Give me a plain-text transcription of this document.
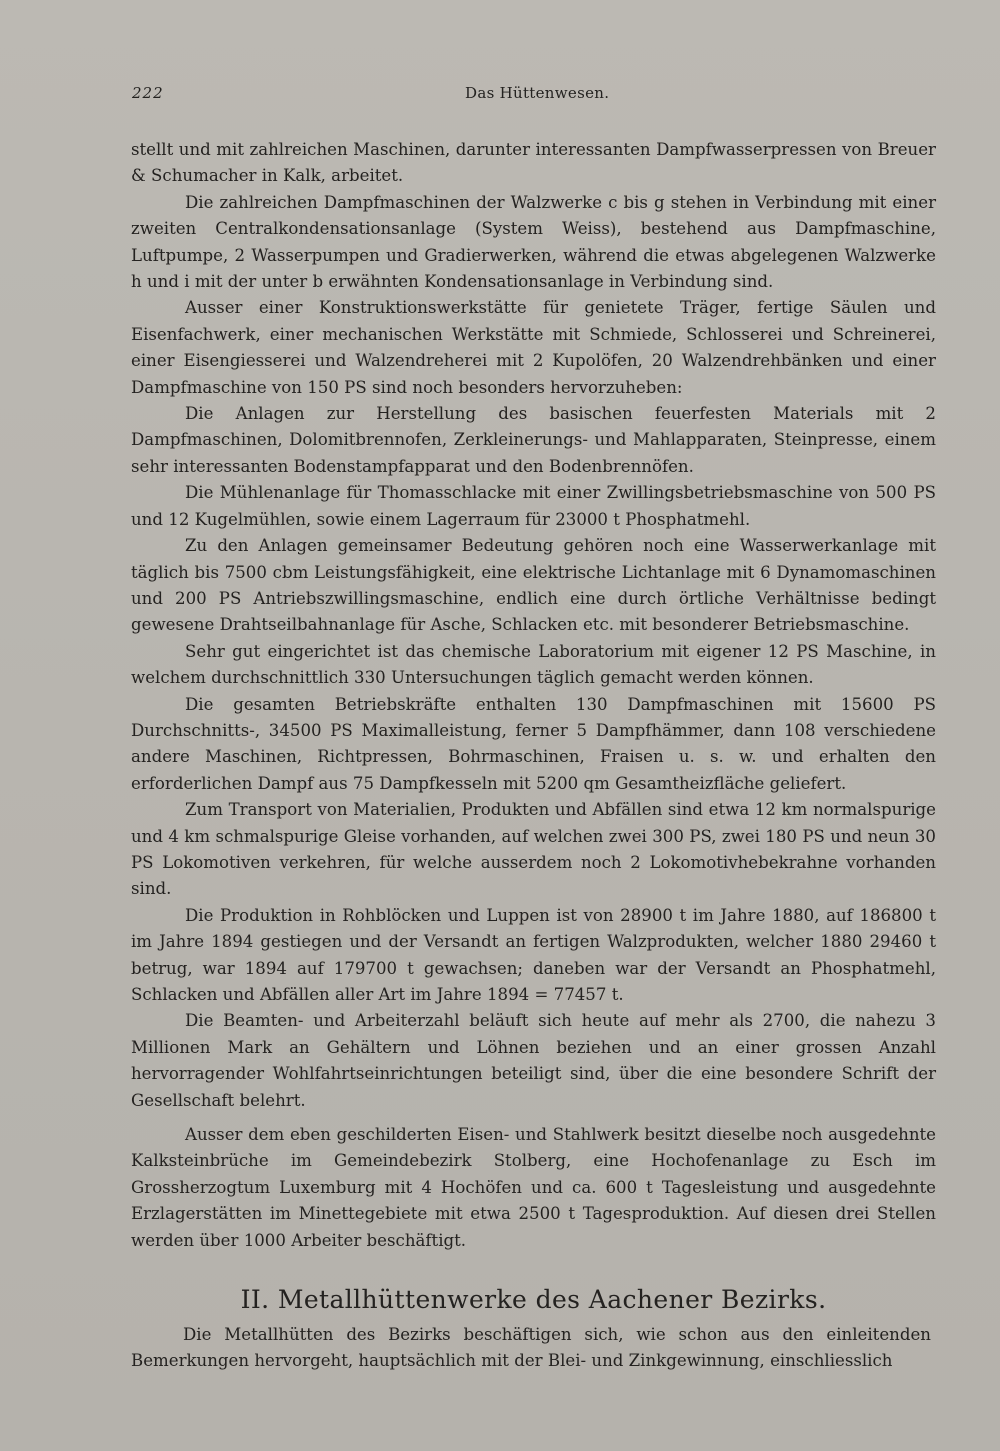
222	Das Hüttenwesen.

stellt und mit zahlreichen Maschinen, darunter interessanten Dampfwasserpressen von Breuer & Schumacher in Kalk, arbeitet.

Die zahlreichen Dampfmaschinen der Walzwerke c bis g stehen in Verbindung mit einer zweiten Centralkondensationsanlage (System Weiss), bestehend aus Dampfmaschine, Luftpumpe, 2 Wasserpumpen und Gradierwerken, während die etwas abgelegenen Walzwerke h und i mit der unter b erwähnten Kondensationsanlage in Verbindung sind.

Ausser einer Konstruktionswerkstätte für genietete Träger, fertige Säulen und Eisenfachwerk, einer mechanischen Werkstätte mit Schmiede, Schlosserei und Schreinerei, einer Eisengiesserei und Walzendreherei mit 2 Kupolöfen, 20 Walzendrehbänken und einer Dampfmaschine von 150 PS sind noch besonders hervorzuheben:

Die Anlagen zur Herstellung des basischen feuerfesten Materials mit 2 Dampfmaschinen, Dolomitbrennofen, Zerkleinerungs- und Mahlapparaten, Steinpresse, einem sehr interessanten Bodenstampfapparat und den Bodenbrennöfen.

Die Mühlenanlage für Thomasschlacke mit einer Zwillingsbetriebsmaschine von 500 PS und 12 Kugelmühlen, sowie einem Lagerraum für 23000 t Phosphatmehl.

Zu den Anlagen gemeinsamer Bedeutung gehören noch eine Wasserwerkanlage mit täglich bis 7500 cbm Leistungsfähigkeit, eine elektrische Lichtanlage mit 6 Dynamomaschinen und 200 PS Antriebszwillingsmaschine, endlich eine durch örtliche Verhältnisse bedingt gewesene Drahtseilbahnanlage für Asche, Schlacken etc. mit besonderer Betriebsmaschine.

Sehr gut eingerichtet ist das chemische Laboratorium mit eigener 12 PS Maschine, in welchem durchschnittlich 330 Untersuchungen täglich gemacht werden können.

Die gesamten Betriebskräfte enthalten 130 Dampfmaschinen mit 15600 PS Durchschnitts-, 34500 PS Maximalleistung, ferner 5 Dampfhämmer, dann 108 verschiedene andere Maschinen, Richtpressen, Bohrmaschinen, Fraisen u. s. w. und erhalten den erforderlichen Dampf aus 75 Dampfkesseln mit 5200 qm Gesamtheizfläche geliefert.

Zum Transport von Materialien, Produkten und Abfällen sind etwa 12 km normalspurige und 4 km schmalspurige Gleise vorhanden, auf welchen zwei 300 PS, zwei 180 PS und neun 30 PS Lokomotiven verkehren, für welche ausserdem noch 2 Lokomotivhebekrahne vorhanden sind.

Die Produktion in Rohblöcken und Luppen ist von 28900 t im Jahre 1880, auf 186800 t im Jahre 1894 gestiegen und der Versandt an fertigen Walzprodukten, welcher 1880 29460 t betrug, war 1894 auf 179700 t gewachsen; daneben war der Versandt an Phosphatmehl, Schlacken und Abfällen aller Art im Jahre 1894 = 77457 t.

Die Beamten- und Arbeiterzahl beläuft sich heute auf mehr als 2700, die nahezu 3 Millionen Mark an Gehältern und Löhnen beziehen und an einer grossen Anzahl hervorragender Wohlfahrtseinrichtungen beteiligt sind, über die eine besondere Schrift der Gesellschaft belehrt.

Ausser dem eben geschilderten Eisen- und Stahlwerk besitzt dieselbe noch ausgedehnte Kalksteinbrüche im Gemeindebezirk Stolberg, eine Hochofenanlage zu Esch im Grossherzogtum Luxemburg mit 4 Hochöfen und ca. 600 t Tagesleistung und ausgedehnte Erzlagerstätten im Minettegebiete mit etwa 2500 t Tagesproduktion. Auf diesen drei Stellen werden über 1000 Arbeiter beschäftigt.

II. Metallhüttenwerke des Aachener Bezirks.

Die Metallhütten des Bezirks beschäftigen sich, wie schon aus den einleitenden Bemerkungen hervorgeht, hauptsächlich mit der Blei- und Zinkgewinnung, einschliesslich
